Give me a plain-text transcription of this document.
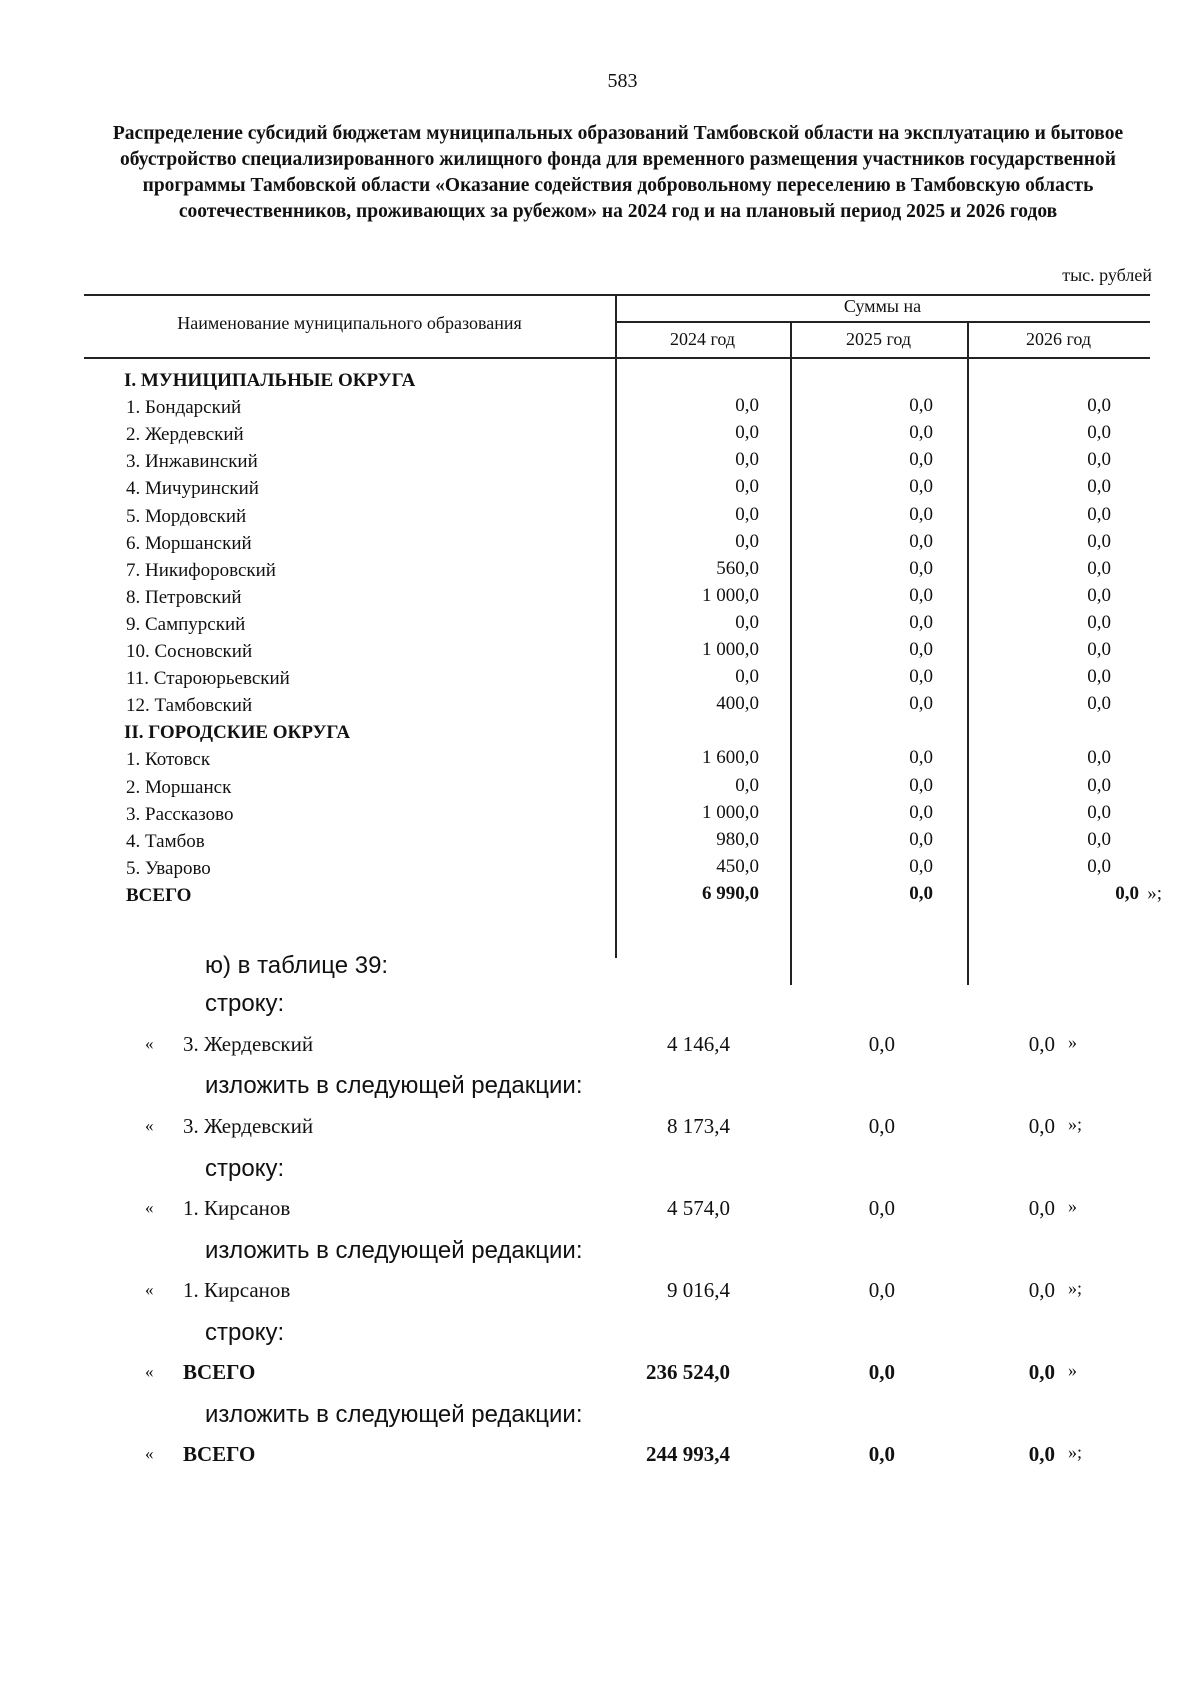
583
Распределение субсидий бюджетам муниципальных образований Тамбовской области на эксплуатацию и бытовое обустройство специализированного жилищного фонда для временного размещения участников государственной программы Тамбовской области «Оказание содействия добровольному переселению в Тамбовскую область соотечественников, проживающих за рубежом» на 2024 год и на плановый период 2025 и 2026 годов
тыс. рублей
Наименование муниципального образования
Суммы на
2024 год	2025 год	2026 год
I. МУНИЦИПАЛЬНЫЕ ОКРУГА
1. Бондарский	0,0	0,0	0,0
2. Жердевский	0,0	0,0	0,0
3. Инжавинский	0,0	0,0	0,0
4. Мичуринский	0,0	0,0	0,0
5. Мордовский	0,0	0,0	0,0
6. Моршанский	0,0	0,0	0,0
7. Никифоровский	560,0	0,0	0,0
8. Петровский	1 000,0	0,0	0,0
9. Сампурский	0,0	0,0	0,0
10. Сосновский	1 000,0	0,0	0,0
11. Староюрьевский	0,0	0,0	0,0
12. Тамбовский	400,0	0,0	0,0
II. ГОРОДСКИЕ ОКРУГА
1. Котовск	1 600,0	0,0	0,0
2. Моршанск	0,0	0,0	0,0
3. Рассказово	1 000,0	0,0	0,0
4. Тамбов	980,0	0,0	0,0
5. Уварово	450,0	0,0	0,0
ВСЕГО	6 990,0	0,0	0,0 »;
ю) в таблице 39:
строку:
« 3. Жердевский	4 146,4	0,0	0,0 »
изложить в следующей редакции:
« 3. Жердевский	8 173,4	0,0	0,0 »;
строку:
« 1. Кирсанов	4 574,0	0,0	0,0 »
изложить в следующей редакции:
« 1. Кирсанов	9 016,4	0,0	0,0 »;
строку:
« ВСЕГО	236 524,0	0,0	0,0 »
изложить в следующей редакции:
« ВСЕГО	244 993,4	0,0	0,0 »;
